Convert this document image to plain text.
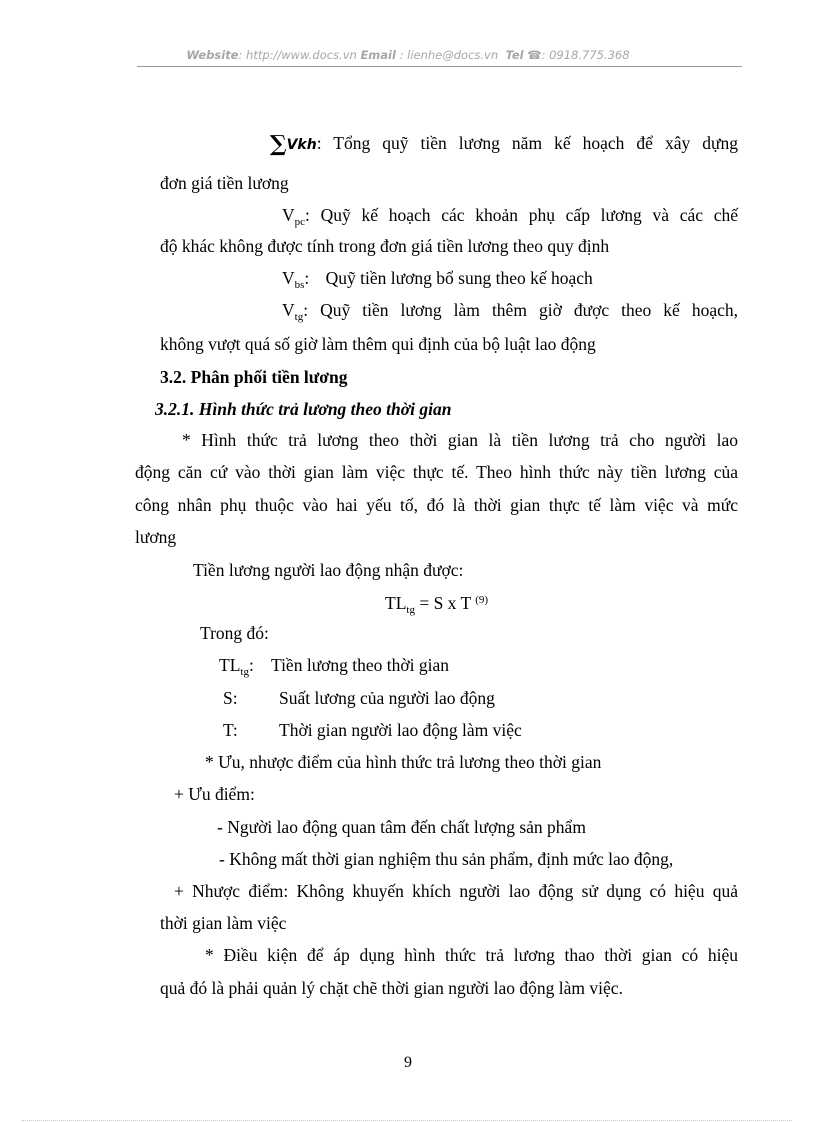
Website: http://www.docs.vn Email : lienhe@docs.vn Tel ☎: 0918.775.368
∑Vkh: Tổng quỹ tiền lương năm kế hoạch để xây dựng
đơn giá tiền lương
$V_{pc}$: Quỹ kế hoạch các khoản phụ cấp lương và các chế
độ khác không được tính trong đơn giá tiền lương theo quy định
$V_{bs}$: Quỹ tiền lương bổ sung theo kế hoạch
$V_{tg}$: Quỹ tiền lương làm thêm giờ được theo kế hoạch,
không vượt quá số giờ làm thêm qui định của bộ luật lao động
3.2. Phân phối tiền lương
3.2.1. Hình thức trả lương theo thời gian
* Hình thức trả lương theo thời gian là tiền lương trả cho người lao
động căn cứ vào thời gian làm việc thực tế. Theo hình thức này tiền lương của
công nhân phụ thuộc vào hai yếu tố, đó là thời gian thực tế làm việc và mức
lương
Tiền lương người lao động nhận được:
$TL_{tg} = S$ x T $^{(9)}$
Trong đó:
$TL_{tg}$: Tiền lương theo thời gian
S: Suất lương của người lao động
T: Thời gian người lao động làm việc
* Ưu, nhược điểm của hình thức trả lương theo thời gian
+ Ưu điểm:
- Người lao động quan tâm đến chất lượng sản phẩm
- Không mất thời gian nghiệm thu sản phẩm, định mức lao động,
+ Nhược điểm: Không khuyến khích người lao động sử dụng có hiệu quả
thời gian làm việc
* Điều kiện để áp dụng hình thức trả lương thao thời gian có hiệu
quả đó là phải quản lý chặt chẽ thời gian người lao động làm việc.
9
